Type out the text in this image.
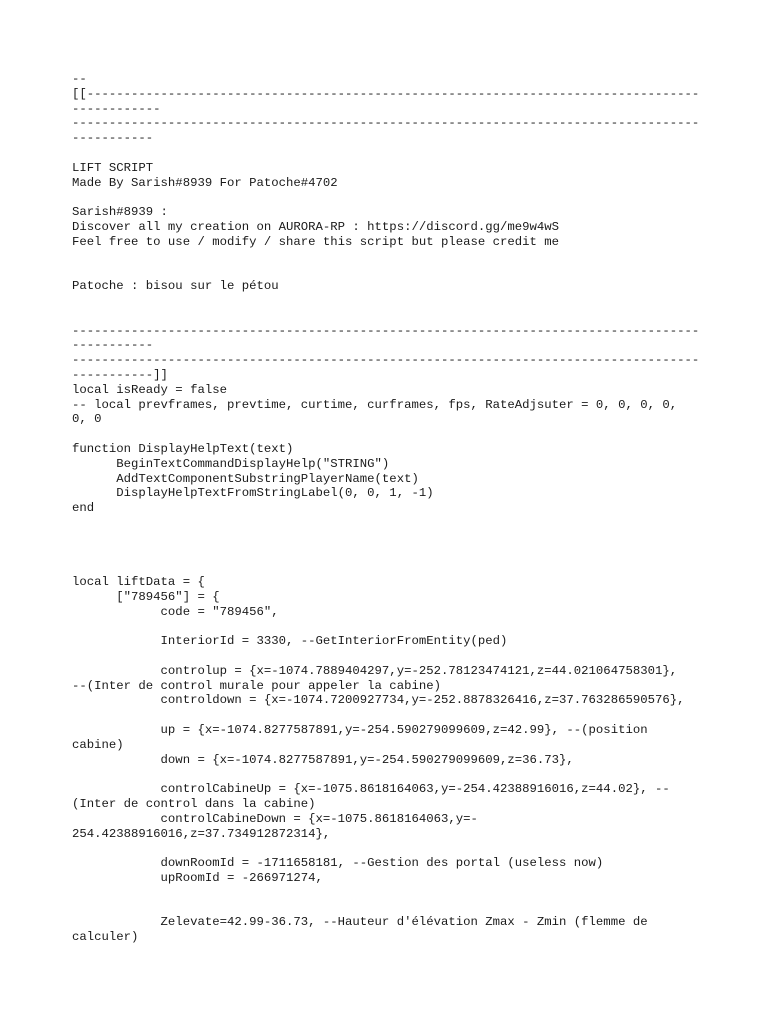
--
[[-----------------------------------------------------------------------------------
------------
-------------------------------------------------------------------------------------
-----------
LIFT SCRIPT
Made By Sarish#8939 For Patoche#4702
Sarish#8939 :
Discover all my creation on AURORA-RP : https://discord.gg/me9w4wS
Feel free to use / modify / share this script but please credit me
Patoche : bisou sur le pétou
-------------------------------------------------------------------------------------
-----------
-------------------------------------------------------------------------------------
-----------]]
local isReady = false
-- local prevframes, prevtime, curtime, curframes, fps, RateAdjsuter = 0, 0, 0, 0,
0, 0
function DisplayHelpText(text)
BeginTextCommandDisplayHelp("STRING")
AddTextComponentSubstringPlayerName(text)
DisplayHelpTextFromStringLabel(0, 0, 1, -1)
end
local liftData = {
["789456"] = {
code = "789456",
InteriorId = 3330, --GetInteriorFromEntity(ped)
controlup = {x=-1074.7889404297,y=-252.78123474121,z=44.021064758301},
--(Inter de control murale pour appeler la cabine)
controldown = {x=-1074.7200927734,y=-252.8878326416,z=37.763286590576},
up = {x=-1074.8277587891,y=-254.590279099609,z=42.99}, --(position
cabine)
down = {x=-1074.8277587891,y=-254.590279099609,z=36.73},
controlCabineUp = {x=-1075.8618164063,y=-254.42388916016,z=44.02}, --
(Inter de control dans la cabine)
controlCabineDown = {x=-1075.8618164063,y=-
254.42388916016,z=37.734912872314},
downRoomId = -1711658181, --Gestion des portal (useless now)
upRoomId = -266971274,
Zelevate=42.99-36.73, --Hauteur d'élévation Zmax - Zmin (flemme de
calculer)
